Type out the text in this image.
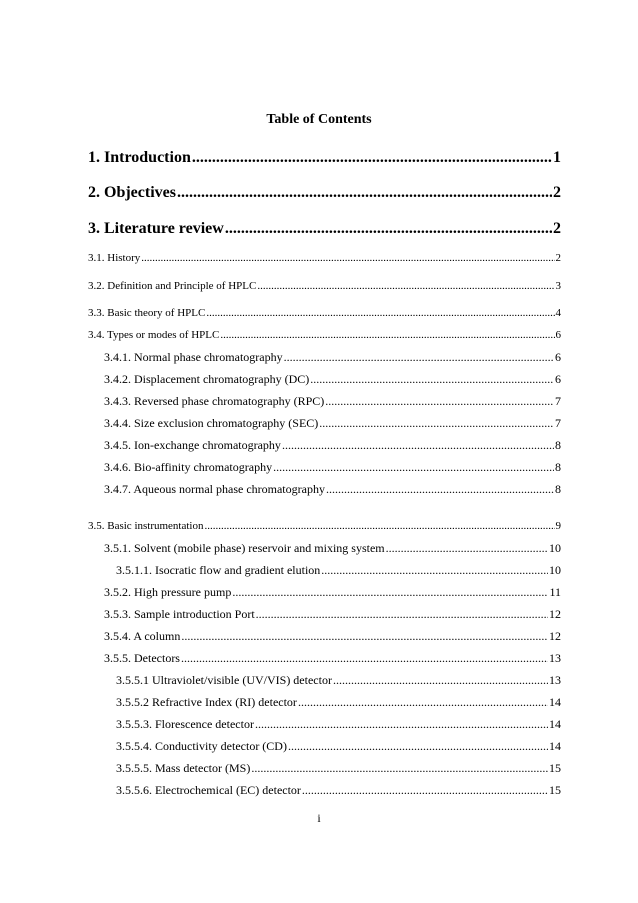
Table of Contents
1. Introduction .....	1
2. Objectives .....	2
3. Literature review .....	2
3.1. History .....	2
3.2. Definition and Principle of HPLC .....	3
3.3. Basic theory of HPLC .....	4
3.4. Types or modes of HPLC .....	6
3.4.1. Normal phase chromatography .....	6
3.4.2. Displacement chromatography (DC) .....	6
3.4.3. Reversed phase chromatography (RPC) .....	7
3.4.4. Size exclusion chromatography (SEC) .....	7
3.4.5. Ion-exchange chromatography .....	8
3.4.6. Bio-affinity chromatography .....	8
3.4.7. Aqueous normal phase chromatography .....	8
3.5. Basic instrumentation .....	9
3.5.1. Solvent (mobile phase) reservoir and mixing system .....	10
3.5.1.1. Isocratic flow and gradient elution .....	10
3.5.2. High pressure pump .....	11
3.5.3. Sample introduction Port .....	12
3.5.4. A column .....	12
3.5.5. Detectors .....	13
3.5.5.1 Ultraviolet/visible (UV/VIS) detector .....	13
3.5.5.2 Refractive Index (RI) detector .....	14
3.5.5.3. Florescence detector .....	14
3.5.5.4. Conductivity detector (CD) .....	14
3.5.5.5. Mass detector (MS) .....	15
3.5.5.6. Electrochemical (EC) detector .....	15
i
